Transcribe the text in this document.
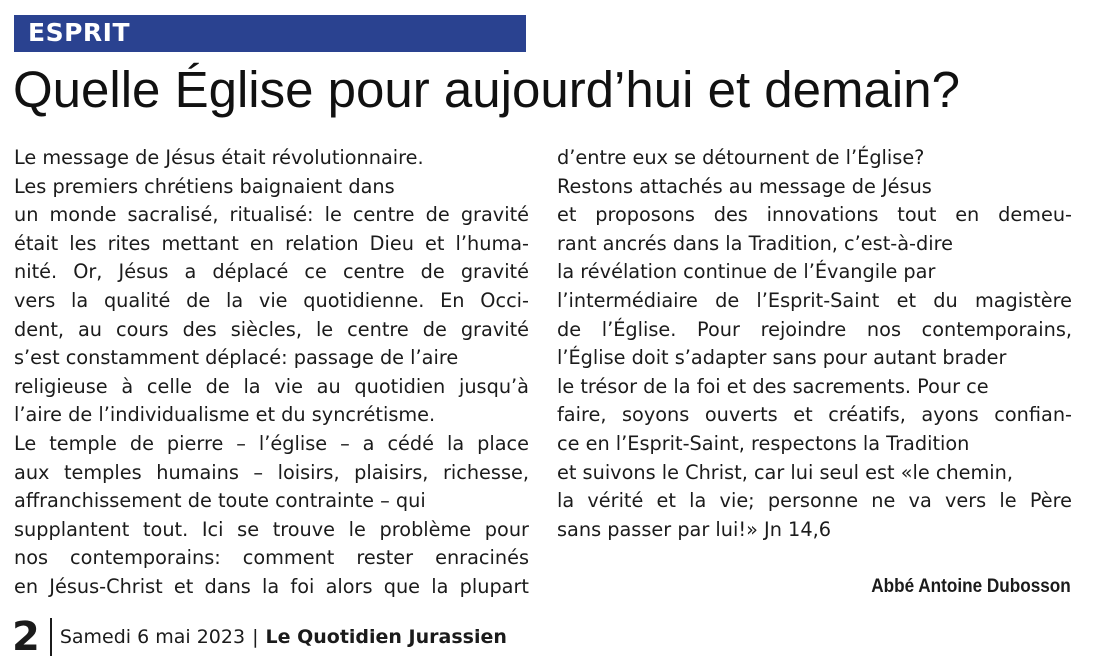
ESPRIT
Quelle Église pour aujourd’hui et demain?
Le message de Jésus était révolutionnaire.
Les premiers chrétiens baignaient dans
un monde sacralisé, ritualisé: le centre de gravité
était les rites mettant en relation Dieu et l’huma-
nité. Or, Jésus a déplacé ce centre de gravité
vers la qualité de la vie quotidienne. En Occi-
dent, au cours des siècles, le centre de gravité
s’est constamment déplacé: passage de l’aire
religieuse à celle de la vie au quotidien jusqu’à
l’aire de l’individualisme et du syncrétisme.
Le temple de pierre – l’église – a cédé la place
aux temples humains – loisirs, plaisirs, richesse,
affranchissement de toute contrainte – qui
supplantent tout. Ici se trouve le problème pour
nos contemporains: comment rester enracinés
en Jésus-Christ et dans la foi alors que la plupart
d’entre eux se détournent de l’Église?
Restons attachés au message de Jésus
et proposons des innovations tout en demeu-
rant ancrés dans la Tradition, c’est-à-dire
la révélation continue de l’Évangile par
l’intermédiaire de l’Esprit-Saint et du magistère
de l’Église. Pour rejoindre nos contemporains,
l’Église doit s’adapter sans pour autant brader
le trésor de la foi et des sacrements. Pour ce
faire, soyons ouverts et créatifs, ayons confian-
ce en l’Esprit-Saint, respectons la Tradition
et suivons le Christ, car lui seul est «le chemin,
la vérité et la vie; personne ne va vers le Père
sans passer par lui!» Jn 14,6
Abbé Antoine Dubosson
2 Samedi 6 mai 2023 | Le Quotidien Jurassien
